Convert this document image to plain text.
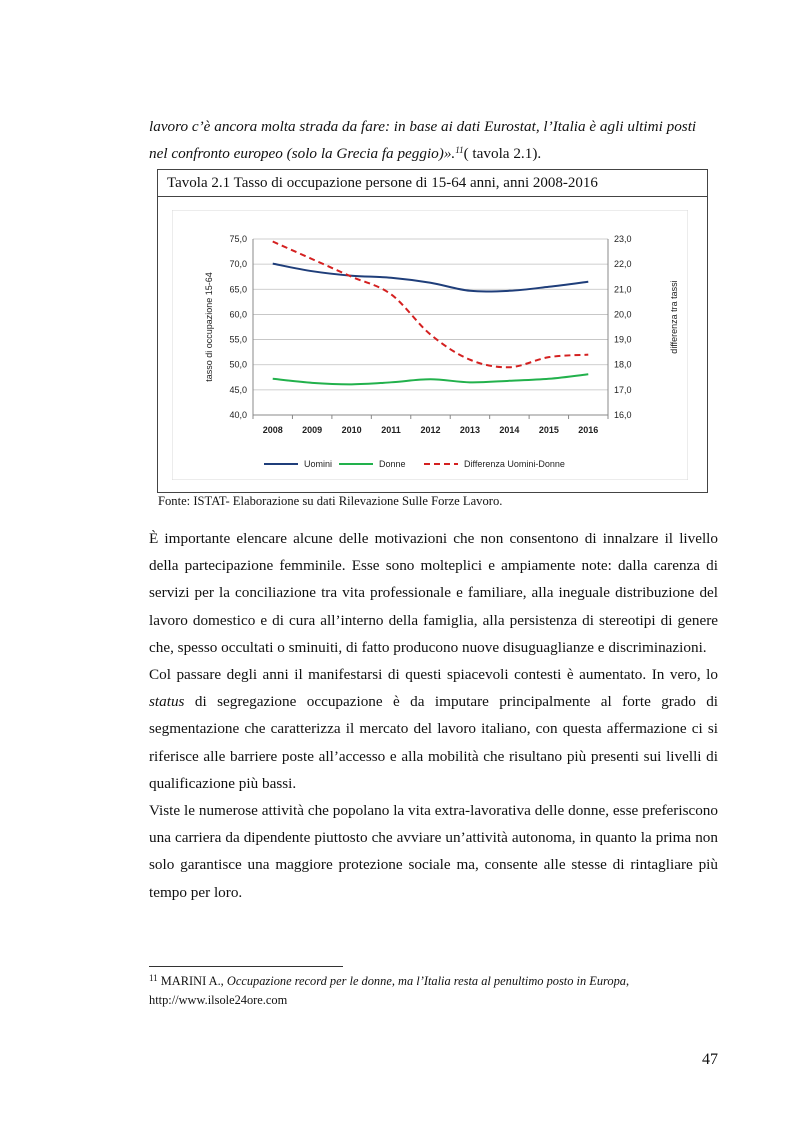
lavoro c’è ancora molta strada da fare: in base ai dati Eurostat, l’Italia è agli ultimi posti
nel confronto europeo (solo la Grecia fa peggio)».$^{11}$( tavola 2.1).

Tavola 2.1 Tasso di occupazione persone di 15-64 anni, anni 2008-2016
40,0
45,0
50,0
55,0
60,0
65,0
70,0
75,0
16,0
17,0
18,0
19,0
20,0
21,0
22,0
23,0
2008 2009 2010 2011 2012 2013 2014 2015 2016
tasso di occupazione 15-64	differenza tra tassi
Uomini	Donne	Differenza Uomini-Donne
Fonte: ISTAT- Elaborazione su dati Rilevazione Sulle Forze Lavoro.

È importante elencare alcune delle motivazioni che non consentono di innalzare il livello della partecipazione femminile. Esse sono molteplici e ampiamente note: dalla carenza di servizi per la conciliazione tra vita professionale e familiare, alla ineguale distribuzione del lavoro domestico e di cura all’interno della famiglia, alla persistenza di stereotipi di genere che, spesso occultati o sminuiti, di fatto producono nuove disuguaglianze e discriminazioni.

Col passare degli anni il manifestarsi di questi spiacevoli contesti è aumentato. In vero, lo status di segregazione occupazione è da imputare principalmente al forte grado di segmentazione che caratterizza il mercato del lavoro italiano, con questa affermazione ci si riferisce alle barriere poste all’accesso e alla mobilità che risultano più presenti sui livelli di qualificazione più bassi.

Viste le numerose attività che popolano la vita extra-lavorativa delle donne, esse preferiscono una carriera da dipendente piuttosto che avviare un’attività autonoma, in quanto la prima non solo garantisce una maggiore protezione sociale ma, consente alle stesse di rintagliare più tempo per loro.

$^{11}$ MARINI A., Occupazione record per le donne, ma l’Italia resta al penultimo posto in Europa,
http://www.ilsole24ore.com
47
